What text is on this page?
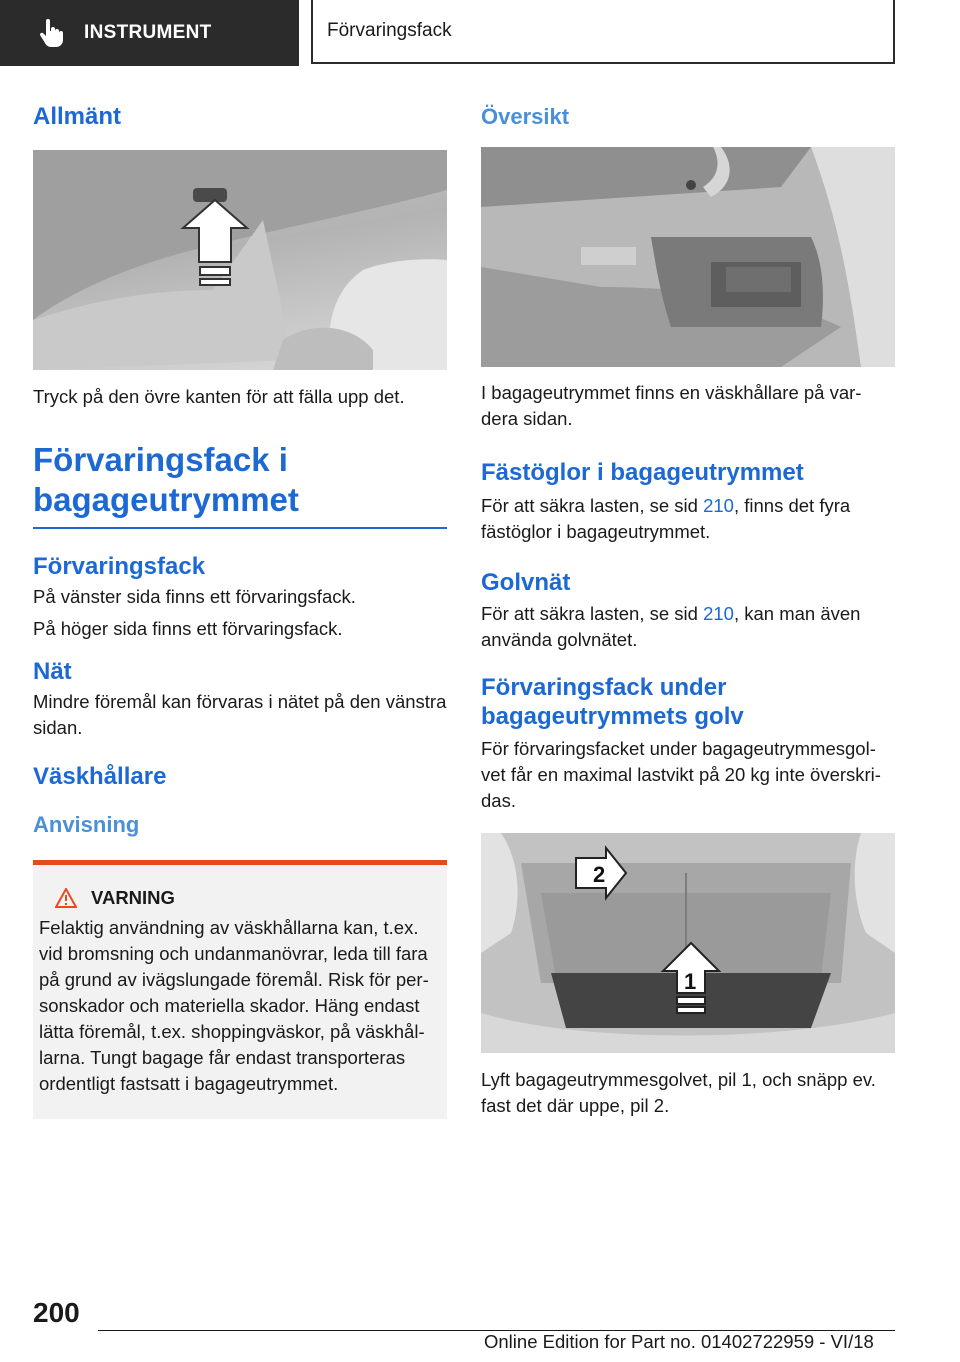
INSTRUMENT	Förvaringsfack
Allmänt

Tryck på den övre kanten för att fälla upp det.

Förvaringsfack i
bagageutrymmet
Förvaringsfack

På vänster sida finns ett förvaringsfack.

På höger sida finns ett förvaringsfack.

Nät

Mindre föremål kan förvaras i nätet på den vänstra sidan.

Väskhållare
Anvisning
VARNING

Felaktig användning av väskhållarna kan, t.ex. vid bromsning och undanmanövrar, leda till fara på grund av ivägslungade föremål. Risk för per- sonskador och materiella skador. Häng endast lätta föremål, t.ex. shoppingväskor, på väskhål- larna. Tungt bagage får endast transporteras ordentligt fastsatt i bagageutrymmet.

Översikt

I bagageutrymmet finns en väskhållare på var- dera sidan.

Fästöglor i bagageutrymmet

För att säkra lasten, se sid 210, finns det fyra fästöglor i bagageutrymmet.

Golvnät

För att säkra lasten, se sid 210, kan man även använda golvnätet.

Förvaringsfack under
bagageutrymmets golv

För förvaringsfacket under bagageutrymmesgol- vet får en maximal lastvikt på 20 kg inte överskri- das.

2
1

Lyft bagageutrymmesgolvet, pil 1, och snäpp ev. fast det där uppe, pil 2.

200
Online Edition for Part no. 01402722959 - VI/18
